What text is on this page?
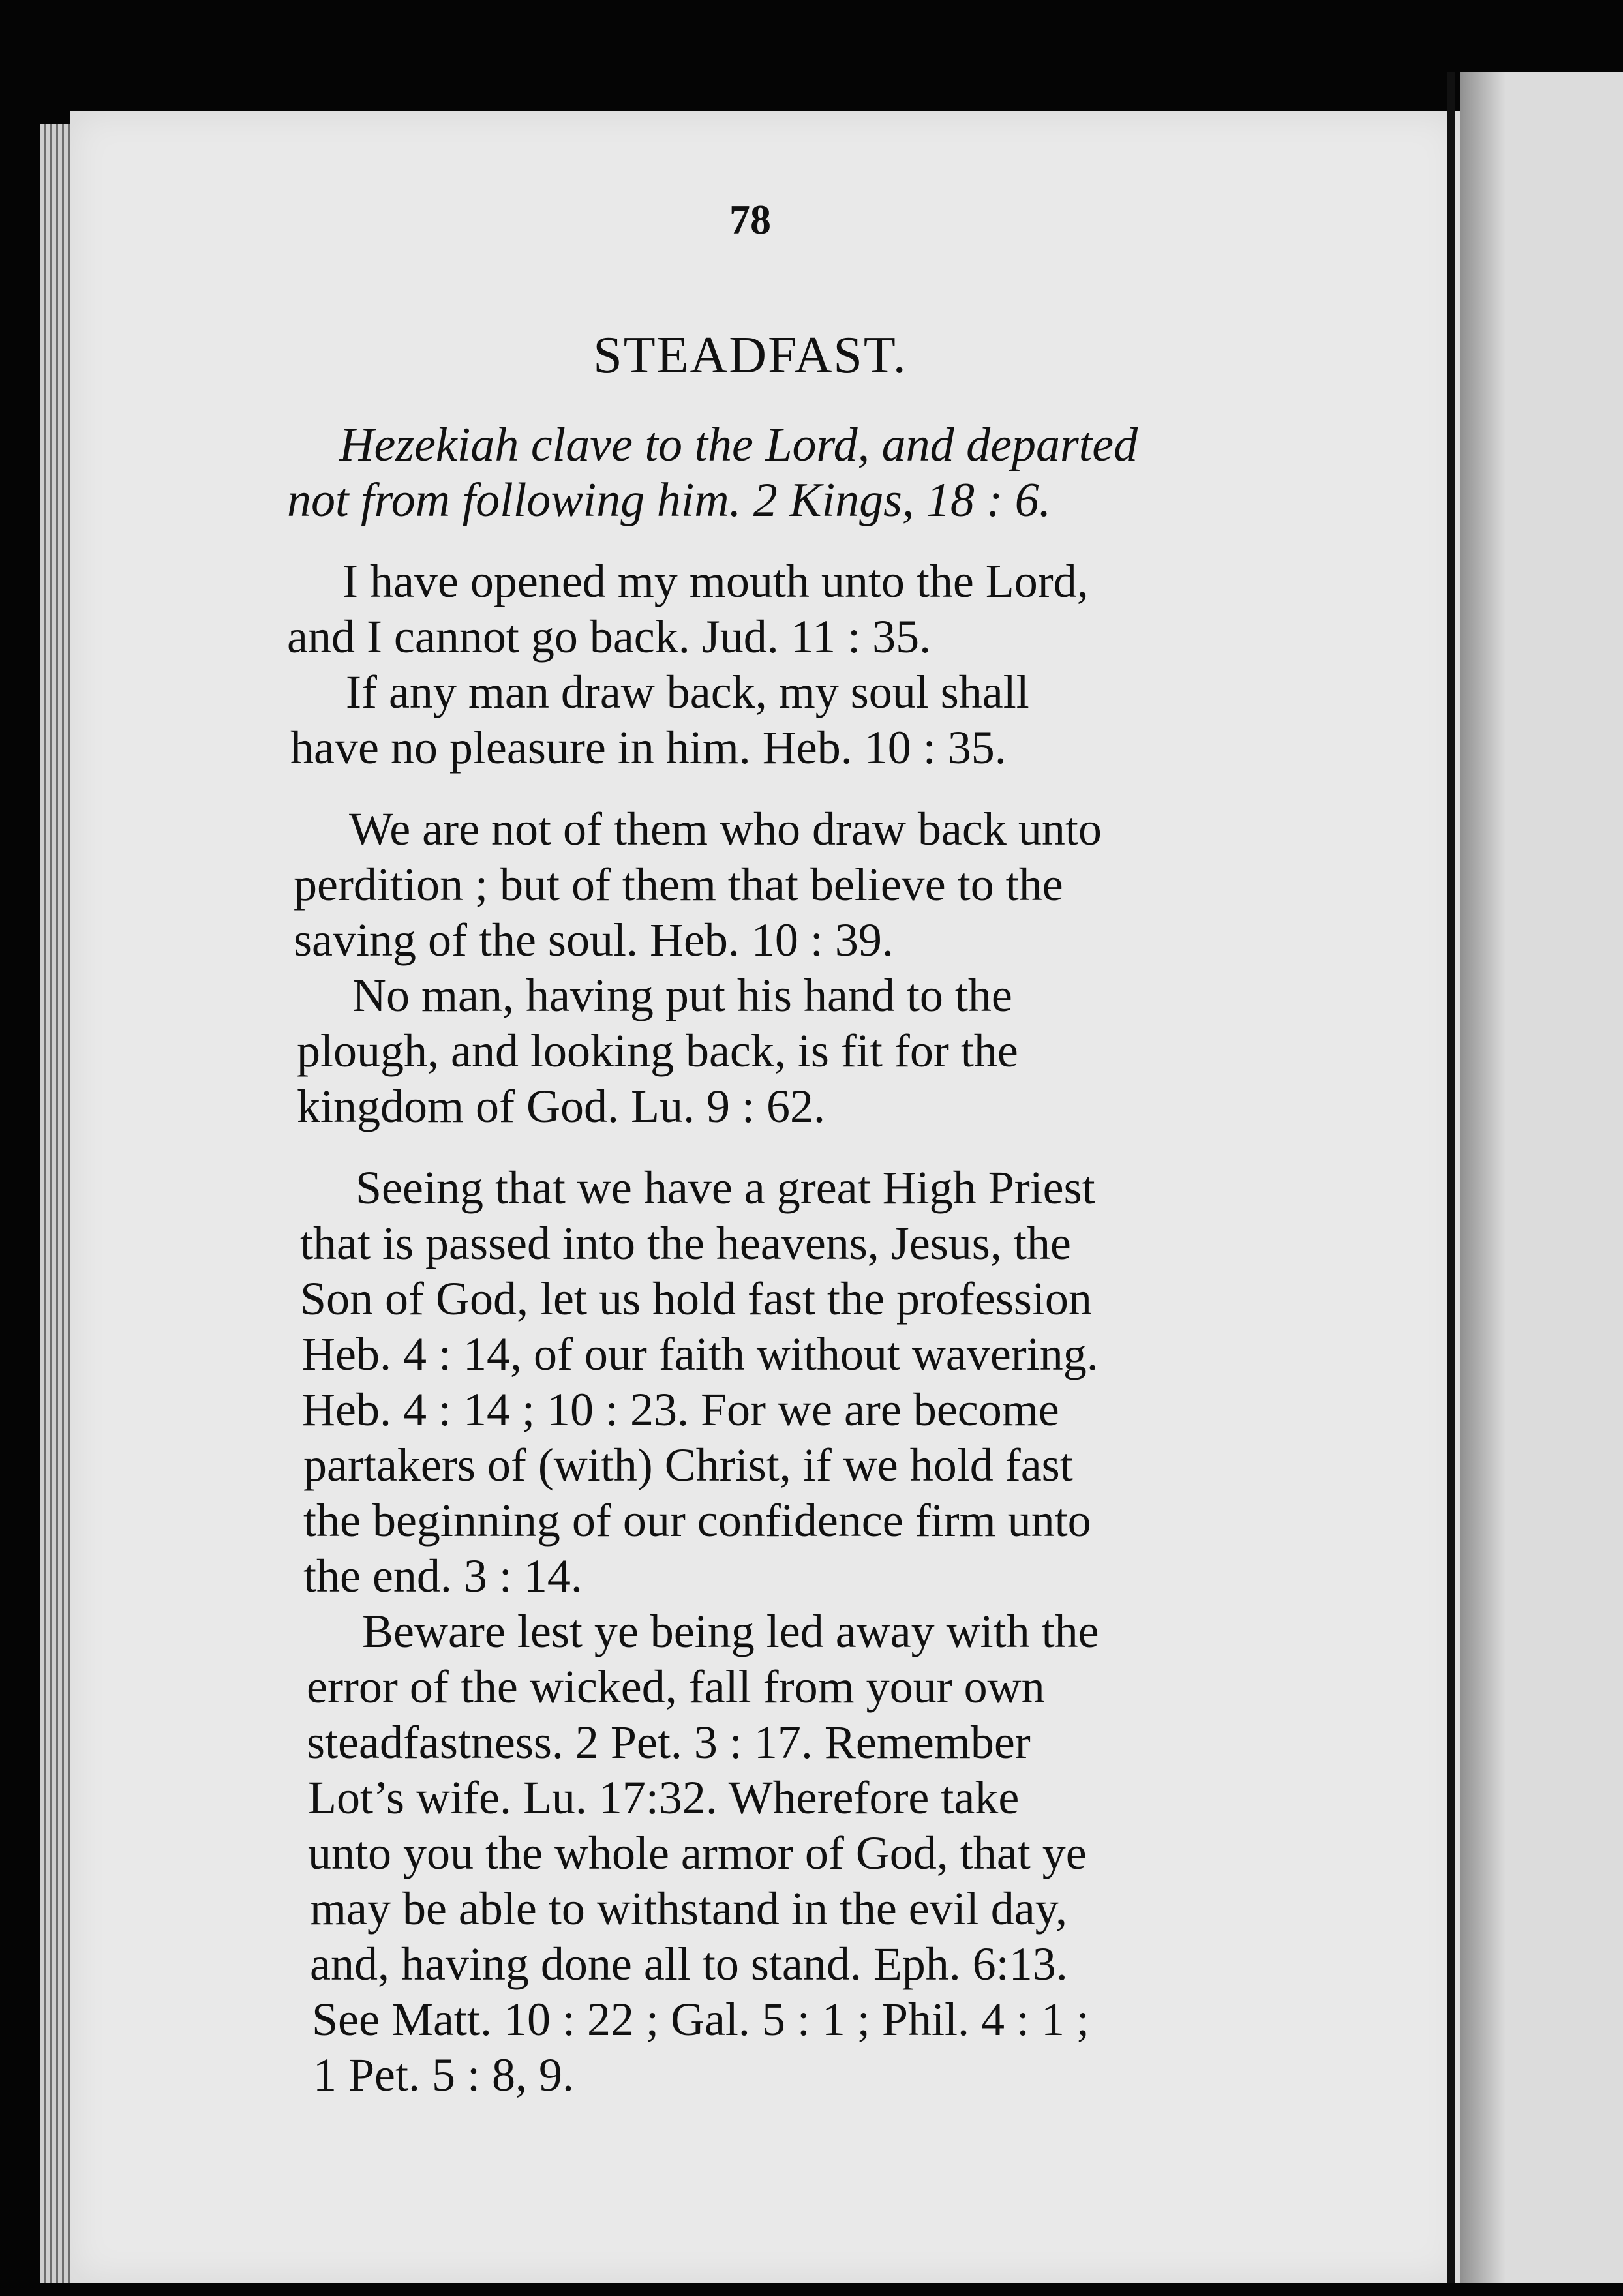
78
STEADFAST.
Hezekiah clave to the Lord, and departed
not from following him. 2 Kings, 18 : 6.
I have opened my mouth unto the Lord,
and I cannot go back. Jud. 11 : 35.
If any man draw back, my soul shall
have no pleasure in him. Heb. 10 : 35.
We are not of them who draw back unto
perdition ; but of them that believe to the
saving of the soul. Heb. 10 : 39.
No man, having put his hand to the
plough, and looking back, is fit for the
kingdom of God. Lu. 9 : 62.
Seeing that we have a great High Priest
that is passed into the heavens, Jesus, the
Son of God, let us hold fast the profession
Heb. 4 : 14, of our faith without wavering.
Heb. 4 : 14 ; 10 : 23. For we are become
partakers of (with) Christ, if we hold fast
the beginning of our confidence firm unto
the end. 3 : 14.
Beware lest ye being led away with the
error of the wicked, fall from your own
steadfastness. 2 Pet. 3 : 17. Remember
Lot’s wife. Lu. 17:32. Wherefore take
unto you the whole armor of God, that ye
may be able to withstand in the evil day,
and, having done all to stand. Eph. 6:13.
See Matt. 10 : 22 ; Gal. 5 : 1 ; Phil. 4 : 1 ;
1 Pet. 5 : 8, 9.
